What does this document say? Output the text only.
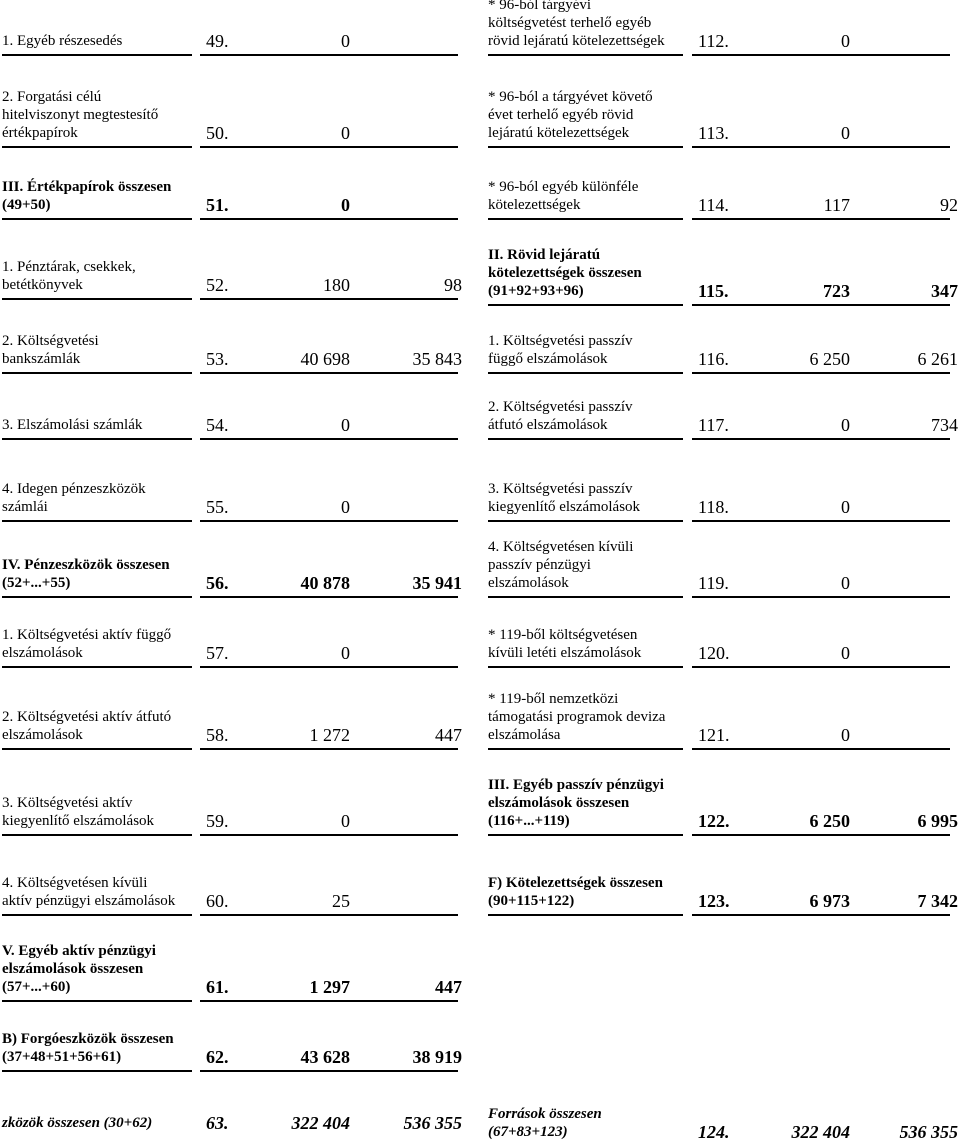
1. Egyéb részesedés	49.	0
2. Forgatási célú
hitelviszonyt megtestesítő
értékpapírok	50.	0
III. Értékpapírok összesen
(49+50)	51.	0
1. Pénztárak, csekkek,
betétkönyvek	52.	180	98
2. Költségvetési
bankszámlák	53.	40 698	35 843
3. Elszámolási számlák	54.	0
4. Idegen pénzeszközök
számlái	55.	0
IV. Pénzeszközök összesen
(52+...+55)	56.	40 878	35 941
1. Költségvetési aktív függő
elszámolások	57.	0
2. Költségvetési aktív átfutó
elszámolások	58.	1 272	447
3. Költségvetési aktív
kiegyenlítő elszámolások	59.	0
4. Költségvetésen kívüli
aktív pénzügyi elszámolások	60.	25
V. Egyéb aktív pénzügyi
elszámolások összesen
(57+...+60)	61.	1 297	447
B) Forgóeszközök összesen
(37+48+51+56+61)	62.	43 628	38 919
zközök összesen (30+62)	63.	322 404	536 355
* 96-ból tárgyévi
költségvetést terhelő egyéb
rövid lejáratú kötelezettségek	112.	0
* 96-ból a tárgyévet követő
évet terhelő egyéb rövid
lejáratú kötelezettségek	113.	0
* 96-ból egyéb különféle
kötelezettségek	114.	117	92
II. Rövid lejáratú
kötelezettségek összesen
(91+92+93+96)	115.	723	347
1. Költségvetési passzív
függő elszámolások	116.	6 250	6 261
2. Költségvetési passzív
átfutó elszámolások	117.	0	734
3. Költségvetési passzív
kiegyenlítő elszámolások	118.	0
4. Költségvetésen kívüli
passzív pénzügyi
elszámolások	119.	0
* 119-ből költségvetésen
kívüli letéti elszámolások	120.	0
* 119-ből nemzetközi
támogatási programok deviza
elszámolása	121.	0
III. Egyéb passzív pénzügyi
elszámolások összesen
(116+...+119)	122.	6 250	6 995
F) Kötelezettségek összesen
(90+115+122)	123.	6 973	7 342
Források összesen
(67+83+123)	124.	322 404	536 355
